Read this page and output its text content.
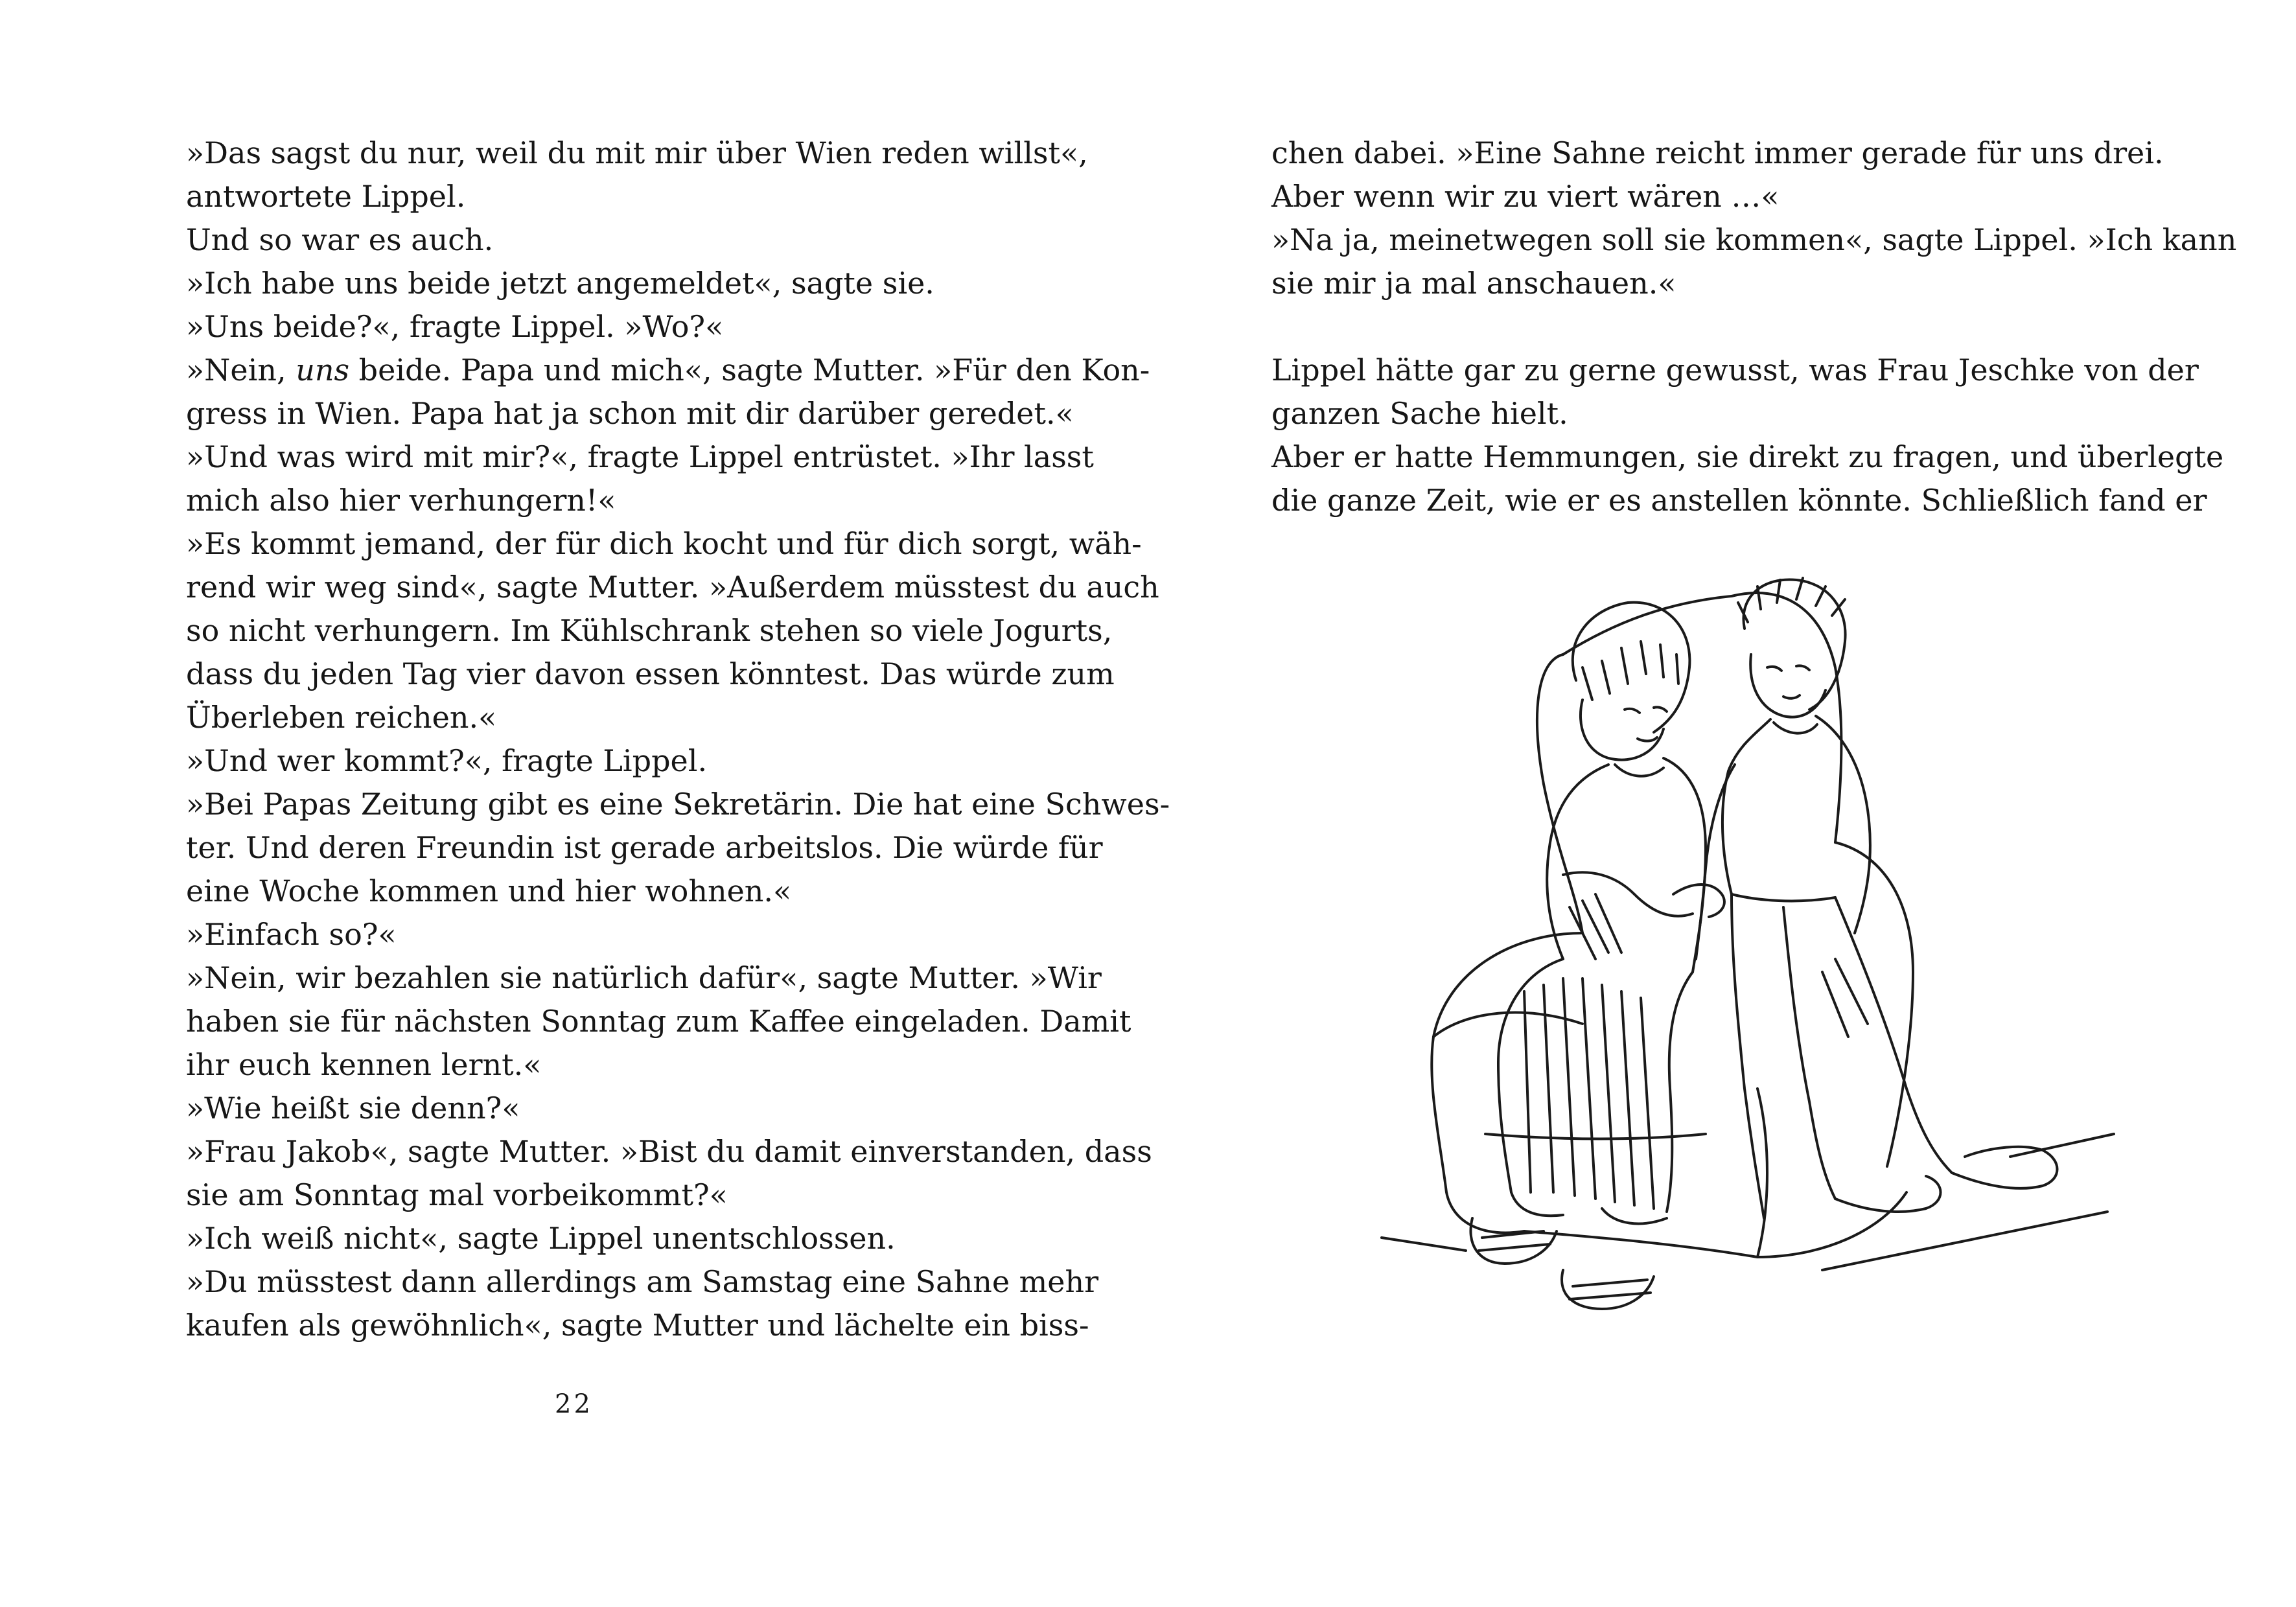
»Das sagst du nur, weil du mit mir über Wien reden willst«,
antwortete Lippel.
Und so war es auch.
»Ich habe uns beide jetzt angemeldet«, sagte sie.
»Uns beide?«, fragte Lippel. »Wo?«
»Nein, uns beide. Papa und mich«, sagte Mutter. »Für den Kon-
gress in Wien. Papa hat ja schon mit dir darüber geredet.«
»Und was wird mit mir?«, fragte Lippel entrüstet. »Ihr lasst
mich also hier verhungern!«
»Es kommt jemand, der für dich kocht und für dich sorgt, wäh-
rend wir weg sind«, sagte Mutter. »Außerdem müsstest du auch
so nicht verhungern. Im Kühlschrank stehen so viele Jogurts,
dass du jeden Tag vier davon essen könntest. Das würde zum
Überleben reichen.«
»Und wer kommt?«, fragte Lippel.
»Bei Papas Zeitung gibt es eine Sekretärin. Die hat eine Schwes-
ter. Und deren Freundin ist gerade arbeitslos. Die würde für
eine Woche kommen und hier wohnen.«
»Einfach so?«
»Nein, wir bezahlen sie natürlich dafür«, sagte Mutter. »Wir
haben sie für nächsten Sonntag zum Kaffee eingeladen. Damit
ihr euch kennen lernt.«
»Wie heißt sie denn?«
»Frau Jakob«, sagte Mutter. »Bist du damit einverstanden, dass
sie am Sonntag mal vorbeikommt?«
»Ich weiß nicht«, sagte Lippel unentschlossen.
»Du müsstest dann allerdings am Samstag eine Sahne mehr
kaufen als gewöhnlich«, sagte Mutter und lächelte ein biss-
22
chen dabei. »Eine Sahne reicht immer gerade für uns drei.
Aber wenn wir zu viert wären …«
»Na ja, meinetwegen soll sie kommen«, sagte Lippel. »Ich kann
sie mir ja mal anschauen.«
Lippel hätte gar zu gerne gewusst, was Frau Jeschke von der
ganzen Sache hielt.
Aber er hatte Hemmungen, sie direkt zu fragen, und überlegte
die ganze Zeit, wie er es anstellen könnte. Schließlich fand er
